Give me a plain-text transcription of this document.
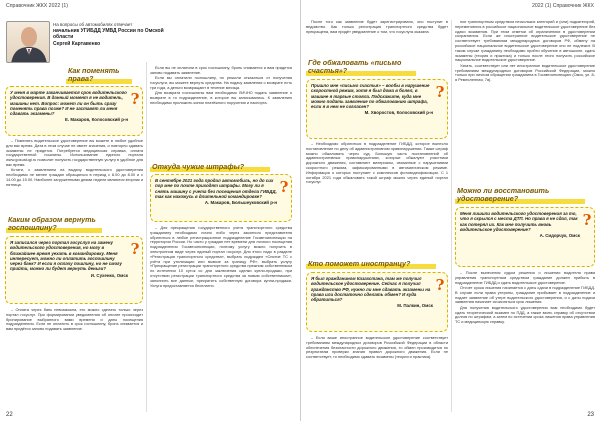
Справочник ЖКХ 2022 (1)
На вопросы об автомобилях отвечает
начальник УГИБДД УМВД России по Омской области
Сергей Картавенко
Как поменять права?
У меня в марте заканчивается срок водительского удостоверения. В данный момент я не водитель, машины нет. Вопрос: может ли он быть сразу поменять права позже? И не заставят ли меня сдавать экзамены?
Е. Макаров, Колосовский р-н
?

– Поменять водительское удостоверение вы можете в любое удобное для вас время. Дата в этом случае не имеет значения, и повторно сдавать экзамены не придется. Потребуется медицинская справка, оплата государственной пошлины. Использование единого портала www.gosuslugi.ru позволит получить государственную услугу в удобное для вас время.

Кстати, с заявлением на выдачу водительского удостоверения необходимо не менее граждан обращаться в период с 8.00 до 8.00 и с 14.00 до 15.00. Наиболее загруженными днями недели являются вторник и пятница.

Каким образом вернуть госпошлину?
Я записался через портал госуслуг на замену водительского удостоверения, но могу в ближайшее время уехать в командировку. Меня интересует, можно ли оплатить госпошлину через банк? И если я оплачу пошлину, но не смогу прийти, можно ли будет вернуть деньги?
И. Сухенко, Омск
?

– Оплата через банк невозможна, это можно сделать только через портал госуслуг. При формировании уведомления об оплате происходит бронирование выбранного вами времени и даты посещения подразделения. Если не оплатить в срок госпошлину, бронь снимается и вам придётся заново подавать заявление.

Если вы не оплатили в срок госпошлину, бронь снимается и вам придется заново подавать заявление.

Если вы оплатили госпошлину, но решили отказаться от получения госуслуги, вы можете вернуть средства. На подачу заявления о возврате есть три года, а деньги возвращают в течение месяца.

Для возврата госпошлины вам необходимо ЛИЧНО подать заявление о возврате в то подразделение, в которое вы записывались. К заявлению необходимо приложить копии платёжного поручения и паспорта.

Откуда чужие штрафы?
В сентябре 2021 года продал автомобиль, но до сих пор мне по почте приходят штрафы. Могу ли я снять машину с учета без посещения отдела ГИБДД, так как нахожусь в длительной командировке?
А. Макаров, Большеуковский р-н
?

– Для прекращения государственного учета транспортного средства гражданину необходимо лично либо через законного представителя обратиться в любое регистрационное подразделение Госавтоинспекции на территории России. Но часто у граждан нет времени для личного посещения подразделения Госавтоинспекции, поэтому услугу можно получить в электронном виде через единый портал госуслуг. Для этого надо в разделе «Регистрация транспортного средства», выбрать подраздел «Снятие ТС с учёта при утилизации или вывозе за границу РФ», выбрать услугу «Прекращение регистрации транспортного средства прежним собственником по истечении 10 суток со дня заключения сделки купли-продажи, при отсутствии регистрации транспортного средства за новым собственником», заполнить все данные, прекратить собственную договора купли-продажи. Услуга предоставляется бесплатно.

22
2022 (1) Справочник ЖКХ

После того как заявление будет зарегистрировано, оно поступит в ведомство. Как только регистрация транспортного средства будет прекращена, вам придёт уведомление о том, что госуслуга оказана.

Где обжаловать «письмо счастья»?
Пришло мне «письмо счастья» – вообы в нарушение скоростной режим, хотя я был дома в болел, в машине я таргые стояла. Подскажите, куда мне можно подать заявление по обжалованию штрафа, если я в нем не согласен?
М. Хворостов, Колосовский р-н
?

– Необходимо обратиться в подразделение ГИБДД, которое вынесло постановление по делу об административном правонарушении. Также штраф можно обжаловать через суд. Большую часть постановлений об административных правонарушениях, которые обжалуют участники дорожного движения, составляют материалы, связанные с нарушениями скоростного режима, зафиксированными в автоматическом режиме. Информация о которых поступает с комплексов фотовидеофиксации. С 1 октября 2021 года обжаловать такой штраф можно через единый портал госуслуг.

Кто поможет иностранцу?
Я был гражданином Казахстана, там же получил водительское удостоверение. Сейчас я получил гражданство РФ, нужно ли мне сдавать экзамены на права или достаточно сделать обмен? И куда обратиться?
М. Палкин, Омск
?

– Если ваше иностранное водительское удостоверение соответствует требованиям международных договоров Российской Федерации в области обеспечения безопасности дорожного движения, то обмен производится по результатам проверки знания правил дорожного движения. Если не соответствует, то необходимо сдавать экзамены (теория и практика).

ное транспортным средством нескольких категорий и (или) подкатегорий, переменяются в российское национальное водительское удостоверение без сдачи экзаменов. При этом отметки об ограничениях в удостоверении сохраняются. Если же иностранное водительское удостоверение не соответствует требованиям международных договоров РФ, обмену на российское национальное водительское удостоверение оно не подлежит. В таком случае гражданину необходимо пройти обучение в автошколе, сдать экзамены (теория и практика) и только после этого получить российское национальное водительское удостоверение.

Узнать, соответствует или нет иностранное водительское удостоверение требованиям международных договоров Российской Федерации, можно только при личном обращении гражданина в Госавтоинспекцию (Омск, ул. 8-я Ремесленная, 7а).

Можно ли восстановить удостоверение?
Меня лишили водительского удостоверения за то, что я скрылся с места ДТП. Но права я не сдал, так как потерял их. Как мне получить вновь водительское удостоверение?
А. Сидорчук, Омск
?

– После вынесения судом решения о лишении водителя права управления транспортным средством гражданин должен прибыть в подразделение ГИБДД и сдать водительское удостоверение.

Отсчет срока лишения начинается с даты сдачи в подразделение ГИБДД. В случае если права утеряны, гражданин прибывает в подразделение и подает заявление об утере водительского удостоверения, и с даты подачи заявления начинает исчисляться срок лишения.

Для получения водительского удостоверения вам необходимо будет сдать теоретический экзамен по ПДД, а также взять справку об отсутствии долгов по штрафам, а затем по истечении срока лишения права управления ТС и медицинскую справку.

23
